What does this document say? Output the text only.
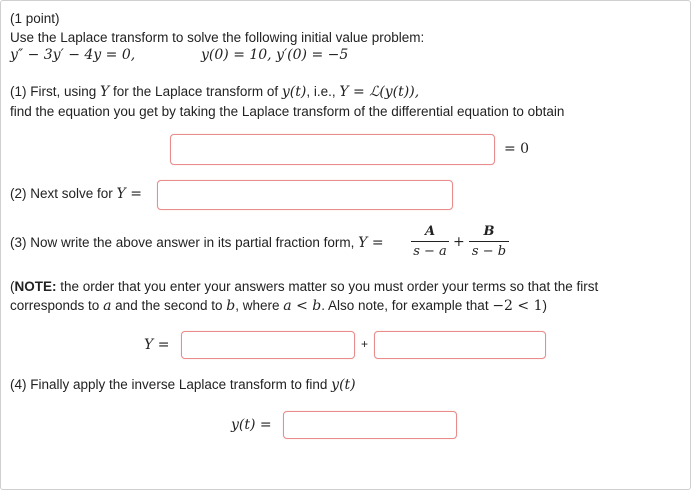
(1 point)
Use the Laplace transform to solve the following initial value problem:
y″ − 3y′ − 4y = 0,	y(0) = 10, y′(0) = −5
(1) First, using Y for the Laplace transform of y(t), i.e., Y = ℒ(y(t)),
find the equation you get by taking the Laplace transform of the differential equation to obtain
= 0
(2) Next solve for Y =
(3) Now write the above answer in its partial fraction form, Y =
A
s − a
+
B
s − b
(NOTE: the order that you enter your answers matter so you must order your terms so that the first
corresponds to a and the second to b, where a < b. Also note, for example that −2 < 1)
Y =	+
(4) Finally apply the inverse Laplace transform to find y(t)
y(t) =
